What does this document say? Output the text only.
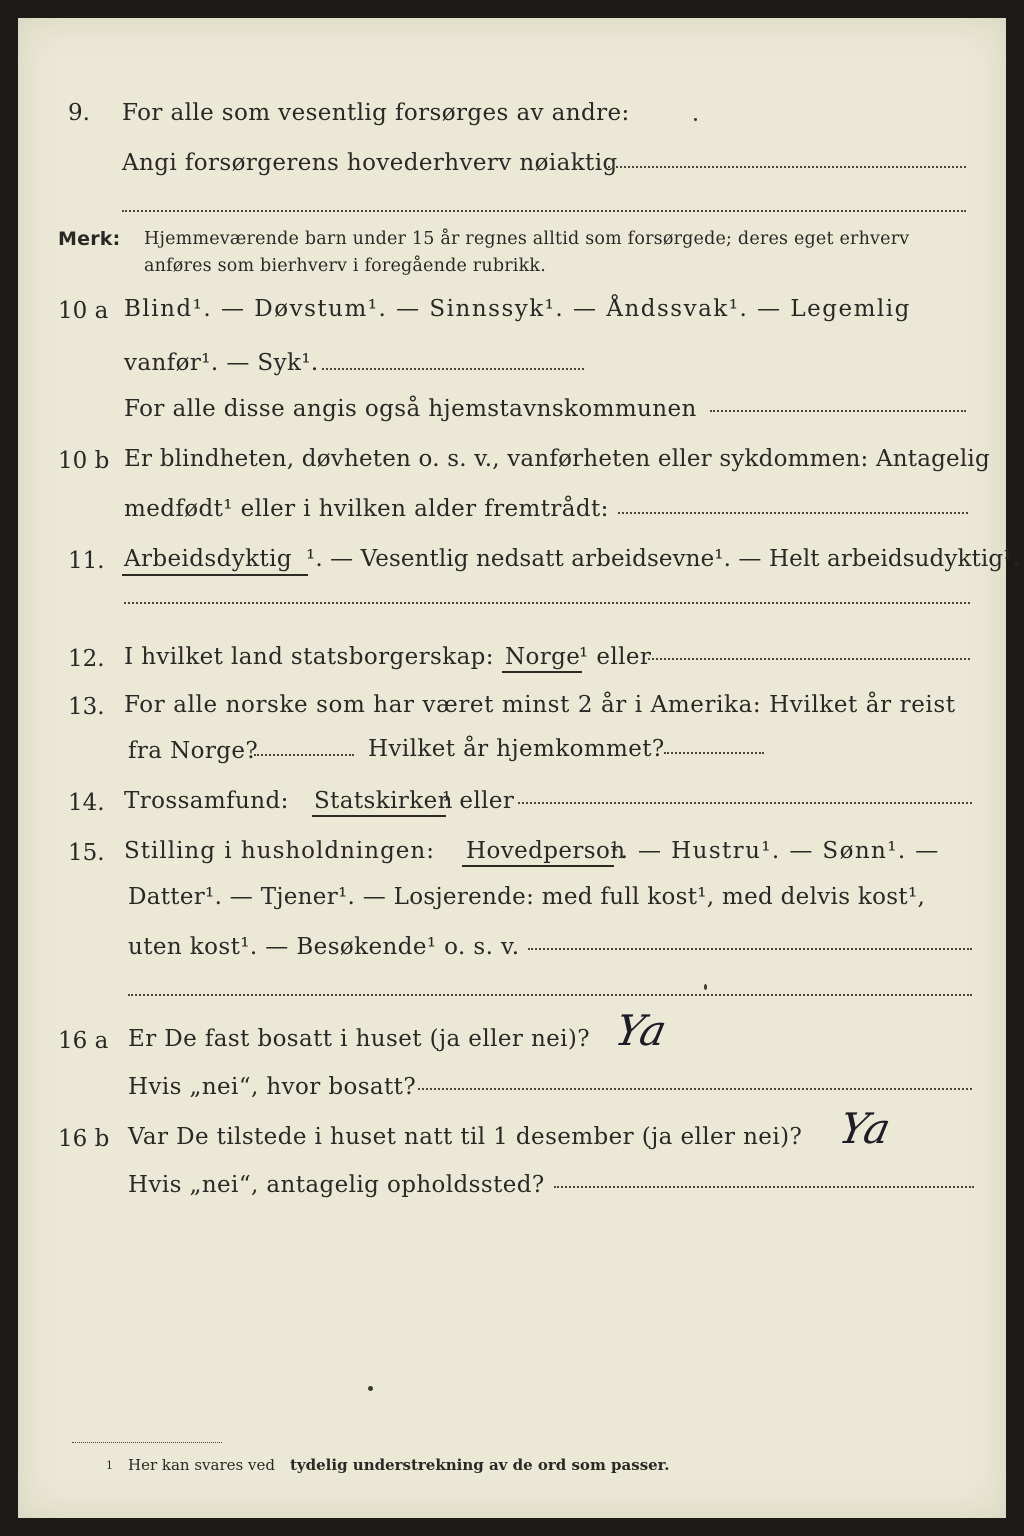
9. For alle som vesentlig forsørges av andre:
Angi forsørgerens hovederhverv nøiaktig
Merk: Hjemmeværende barn under 15 år regnes alltid som forsørgede; deres eget erhverv
anføres som bierhverv i foregående rubrikk.
10 a Blind¹. — Døvstum¹. — Sinnssyk¹. — Åndssvak¹. — Legemlig
vanfør¹. — Syk¹.
For alle disse angis også hjemstavnskommunen
10 b Er blindheten, døvheten o. s. v., vanførheten eller sykdommen: Antagelig
medfødt¹ eller i hvilken alder fremtrådt:
11. Arbeidsdyktig ¹. — Vesentlig nedsatt arbeidsevne¹. — Helt arbeidsudyktig¹.
12. I hvilket land statsborgerskap: Norge
¹ eller
13. For alle norske som har været minst 2 år i Amerika: Hvilket år reist
fra Norge?	Hvilket år hjemkommet?
14. Trossamfund: Statskirken
¹ eller
15. Stilling i husholdningen: Hovedperson
¹. — Hustru¹. — Sønn¹. —
Datter¹. — Tjener¹. — Losjerende: med full kost¹, med delvis kost¹,
uten kost¹. — Besøkende¹ o. s. v.
16 a Er De fast bosatt i huset (ja eller nei)? Ya
Hvis „nei“, hvor bosatt?
16 b Var De tilstede i huset natt til 1 desember (ja eller nei)? Ya
Hvis „nei“, antagelig opholdssted?
1 Her kan svares ved tydelig understrekning av de ord som passer.
